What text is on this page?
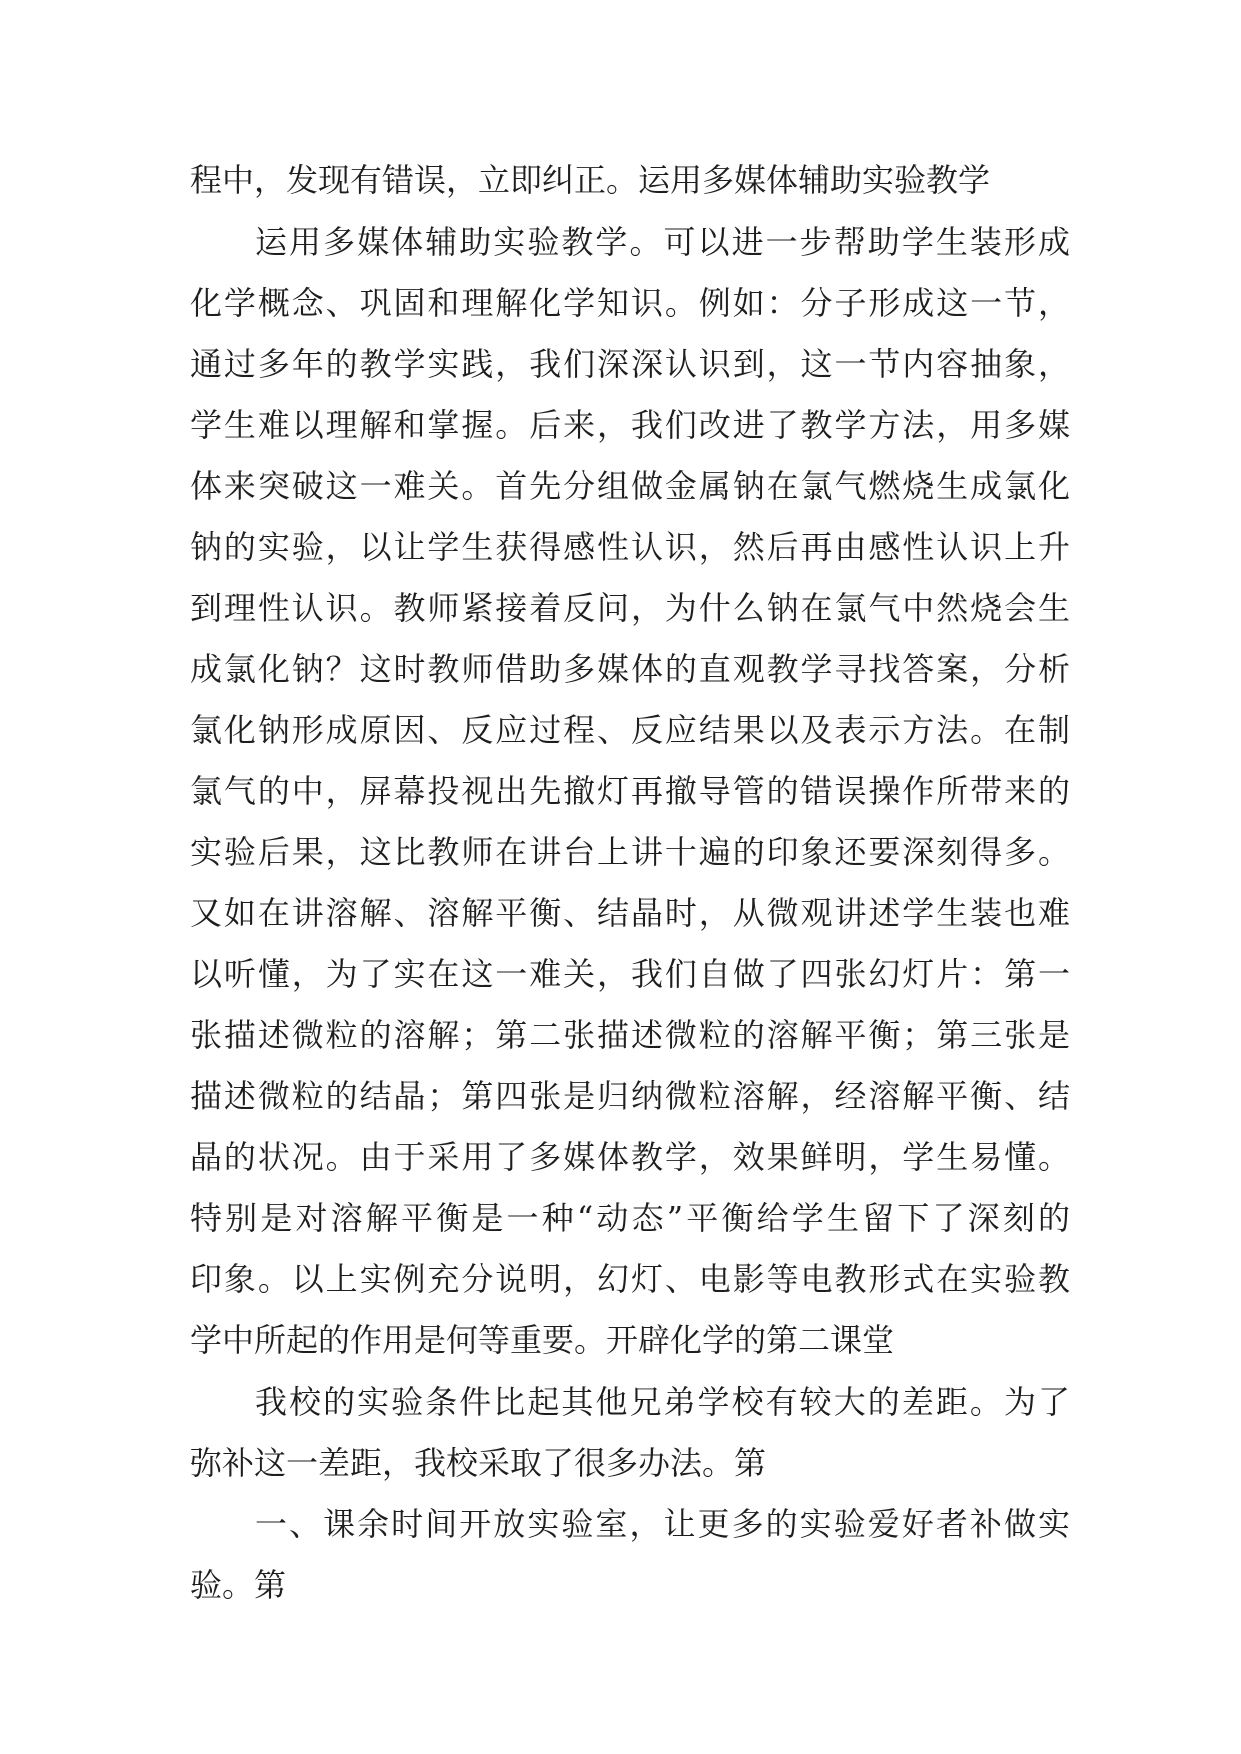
程中，发现有错误，立即纠正。运用多媒体辅助实验教学
运用多媒体辅助实验教学。可以进一步帮助学生装形成
化学概念、巩固和理解化学知识。例如：分子形成这一节，
通过多年的教学实践，我们深深认识到，这一节内容抽象，
学生难以理解和掌握。后来，我们改进了教学方法，用多媒
体来突破这一难关。首先分组做金属钠在氯气燃烧生成氯化
钠的实验，以让学生获得感性认识，然后再由感性认识上升
到理性认识。教师紧接着反问，为什么钠在氯气中然烧会生
成氯化钠？这时教师借助多媒体的直观教学寻找答案，分析
氯化钠形成原因、反应过程、反应结果以及表示方法。在制
氯气的中，屏幕投视出先撤灯再撤导管的错误操作所带来的
实验后果，这比教师在讲台上讲十遍的印象还要深刻得多。
又如在讲溶解、溶解平衡、结晶时，从微观讲述学生装也难
以听懂，为了实在这一难关，我们自做了四张幻灯片：第一
张描述微粒的溶解；第二张描述微粒的溶解平衡；第三张是
描述微粒的结晶；第四张是归纳微粒溶解，经溶解平衡、结
晶的状况。由于采用了多媒体教学，效果鲜明，学生易懂。
特别是对溶解平衡是一种“动态”平衡给学生留下了深刻的
印象。以上实例充分说明，幻灯、电影等电教形式在实验教
学中所起的作用是何等重要。开辟化学的第二课堂
我校的实验条件比起其他兄弟学校有较大的差距。为了
弥补这一差距，我校采取了很多办法。第
一、课余时间开放实验室，让更多的实验爱好者补做实
验。第
